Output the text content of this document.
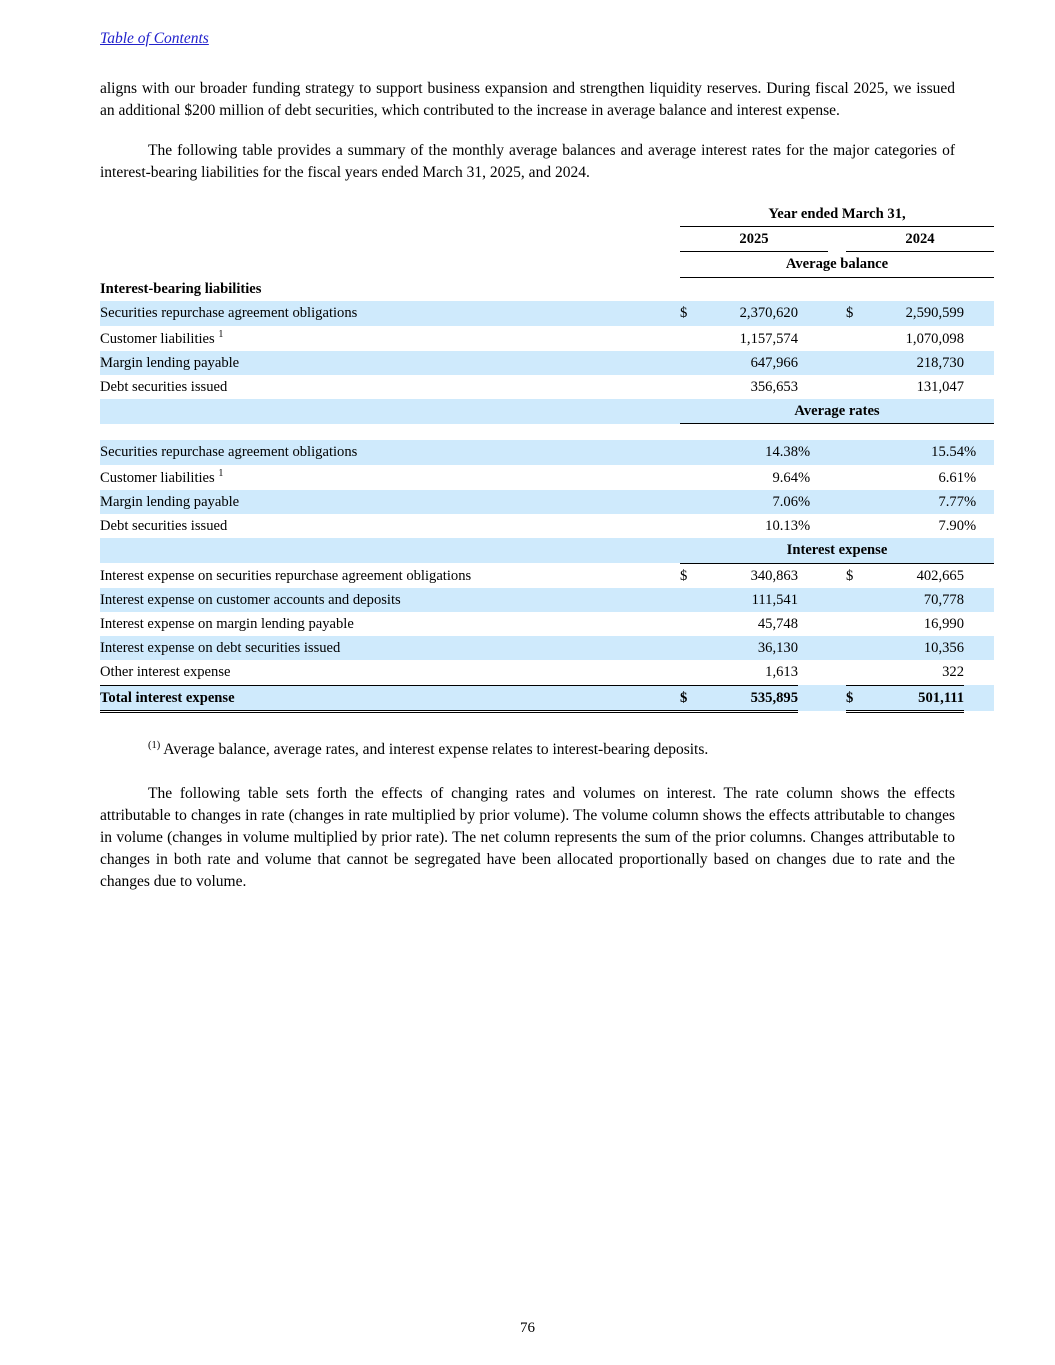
Table of Contents

aligns with our broader funding strategy to support business expansion and strengthen liquidity reserves. During fiscal 2025, we issued an additional $200 million of debt securities, which contributed to the increase in average balance and interest expense.

The following table provides a summary of the monthly average balances and average interest rates for the major categories of interest-bearing liabilities for the fiscal years ended March 31, 2025, and 2024.

	Year ended March 31,						
	2025				2024		
	Average balance						
Interest-bearing liabilities							
Securities repurchase agreement obligations	$	2,370,620			$	2,590,599	
Customer liabilities $^1$		1,157,574				1,070,098	
Margin lending payable		647,966				218,730	
Debt securities issued		356,653				131,047	
	Average rates						

Securities repurchase agreement obligations		14.38	%			15.54	%
Customer liabilities $^1$		9.64	%			6.61	%
Margin lending payable		7.06	%			7.77	%
Debt securities issued		10.13	%			7.90	%
	Interest expense						
Interest expense on securities repurchase agreement obligations	$	340,863			$	402,665	
Interest expense on customer accounts and deposits		111,541				70,778	
Interest expense on margin lending payable		45,748				16,990	
Interest expense on debt securities issued		36,130				10,356	
Other interest expense		1,613				322	
Total interest expense	$	535,895			$	501,111	

$^{(1)}$ Average balance, average rates, and interest expense relates to interest-bearing deposits.

The following table sets forth the effects of changing rates and volumes on interest. The rate column shows the effects attributable to changes in rate (changes in rate multiplied by prior volume). The volume column shows the effects attributable to changes in volume (changes in volume multiplied by prior rate). The net column represents the sum of the prior columns. Changes attributable to changes in both rate and volume that cannot be segregated have been allocated proportionally based on changes due to rate and the changes due to volume.

76
